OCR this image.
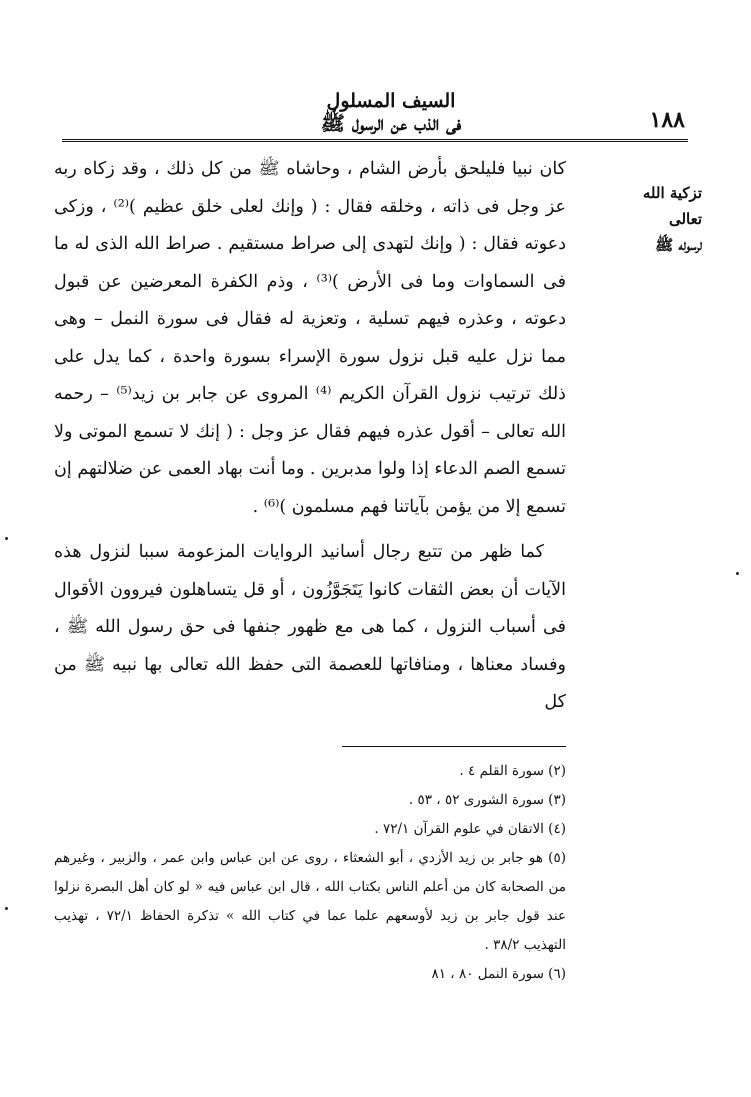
١٨٨
السيف المسلول
فى الذب عن الرسول ﷺ
تزكية الله تعالى
لرسوله ﷺ

كان نبيا فليلحق بأرض الشام ، وحاشاه ﷺ من كل ذلك ، وقد زكاه ربه عز وجل فى ذاته ، وخلقه فقال : ( وإنك لعلى خلق عظيم )⁽²⁾ ، وزكى دعوته فقال : ( وإنك لتهدى إلى صراط مستقيم . صراط الله الذى له ما فى السماوات وما فى الأرض )⁽³⁾ ، وذم الكفرة المعرضين عن قبول دعوته ، وعذره فيهم تسلية ، وتعزية له فقال فى سورة النمل – وهى مما نزل عليه قبل نزول سورة الإسراء بسورة واحدة ، كما يدل على ذلك ترتيب نزول القرآن الكريم ⁽⁴⁾ المروى عن جابر بن زيد⁽⁵⁾ – رحمه الله تعالى – أقول عذره فيهم فقال عز وجل : ( إنك لا تسمع الموتى ولا تسمع الصم الدعاء إذا ولوا مدبرين . وما أنت بهاد العمى عن ضلالتهم إن تسمع إلا من يؤمن بآياتنا فهم مسلمون )⁽⁶⁾ .

كما ظهر من تتبع رجال أسانيد الروايات المزعومة سببا لنزول هذه الآيات أن بعض الثقات كانوا يَتَجَوَّزُون ، أو قل يتساهلون فيروون الأقوال فى أسباب النزول ، كما هى مع ظهور جنفها فى حق رسول الله ﷺ ، وفساد معناها ، ومنافاتها للعصمة التى حفظ الله تعالى بها نبيه ﷺ من كل

(٢) سورة القلم ٤ .

(٣) سورة الشورى ٥٢ ، ٥٣ .

(٤) الاتقان في علوم القرآن ٧٢/١ .

(٥) هو جابر بن زيد الأزدي ، أبو الشعثاء ، روى عن ابن عباس وابن عمر ، والزبير ، وغيرهم من الصحابة كان من أعلم الناس بكتاب الله ، قال ابن عباس فيه « لو كان أهل البصرة نزلوا عند قول جابر بن زيد لأوسعهم علما عما في كتاب الله » تذكرة الحفاظ ٧٢/١ ، تهذيب التهذيب ٣٨/٢ .

(٦) سورة النمل ٨٠ ، ٨١
